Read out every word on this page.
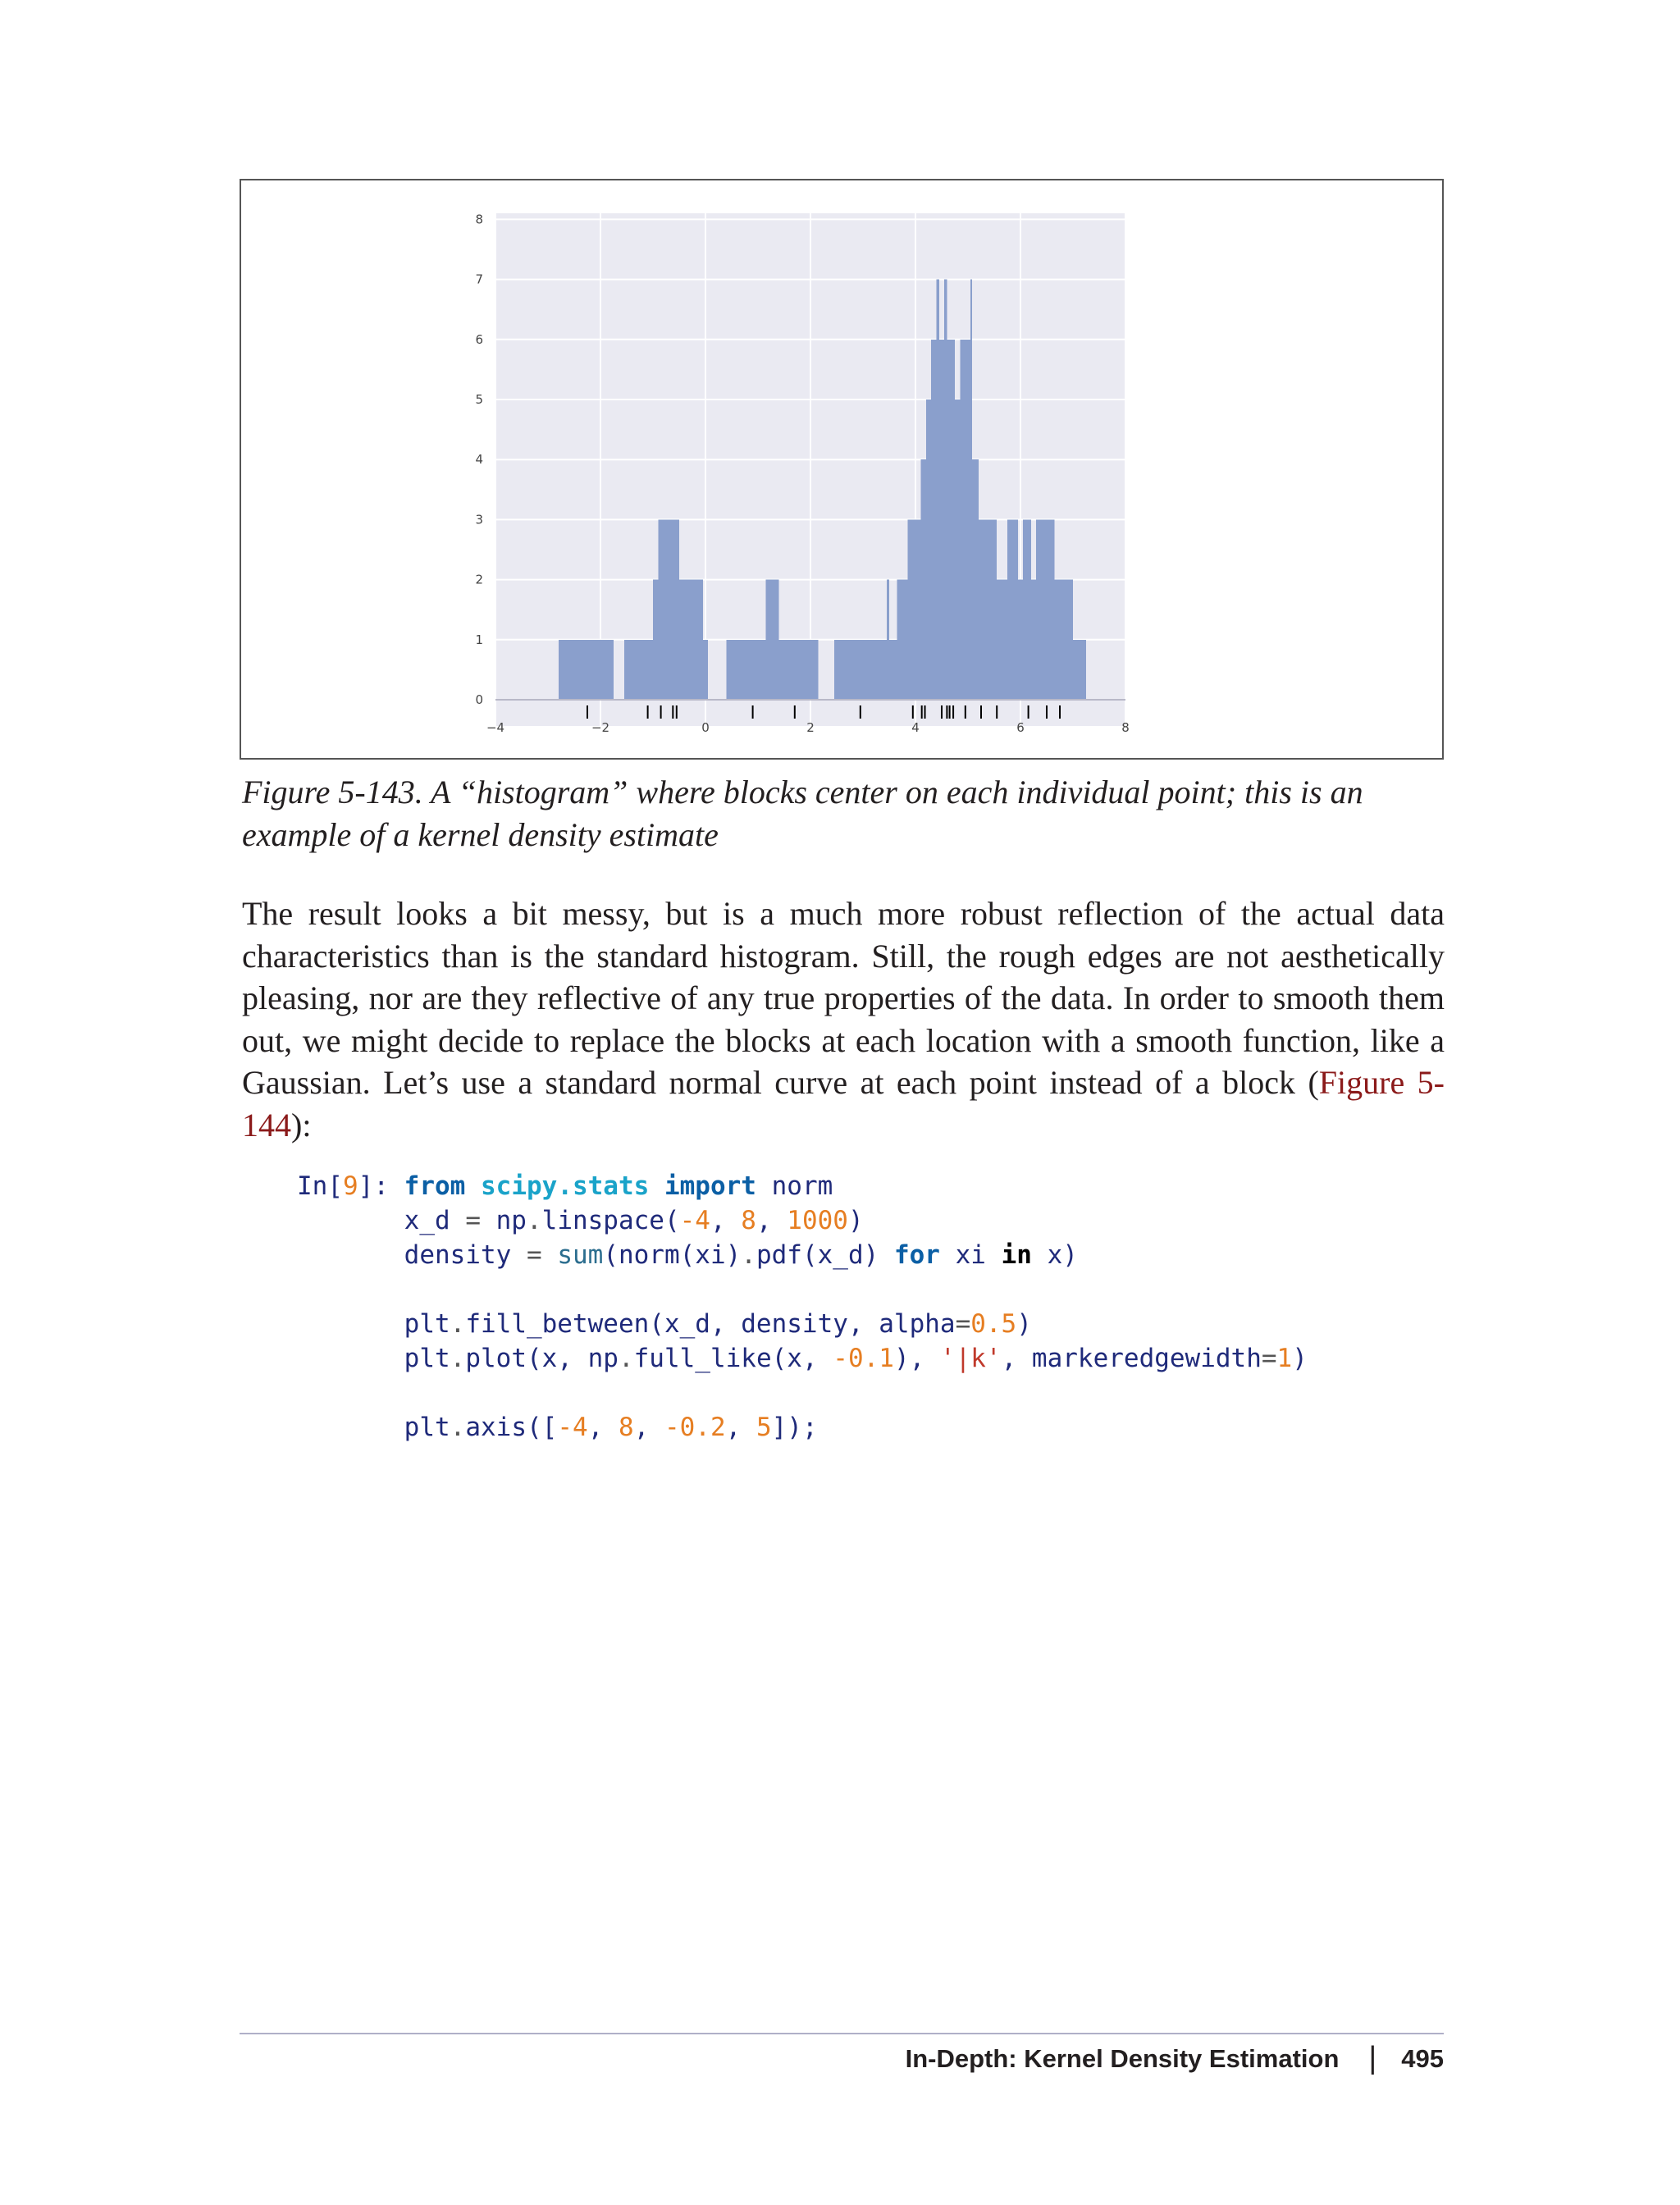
0
1
2
3
4
5
6
7
8
−4	−2	0	2	4	6	8

Figure 5-143. A “histogram” where blocks center on each individual point; this is an example of a kernel density estimate

The result looks a bit messy, but is a much more robust reflection of the actual data characteristics than is the standard histogram. Still, the rough edges are not aesthetically pleasing, nor are they reflective of any true properties of the data. In order to smooth them out, we might decide to replace the blocks at each location with a smooth function, like a Gaussian. Let’s use a standard normal curve at each point instead of a block (Figure 5-144):

In[9]: from scipy.stats import norm
x_d = np.linspace(-4, 8, 1000)
density = sum(norm(xi).pdf(x_d) for xi in x)

plt.fill_between(x_d, density, alpha=0.5)
plt.plot(x, np.full_like(x, -0.1), '|k', markeredgewidth=1)

plt.axis([-4, 8, -0.2, 5]);
In-Depth: Kernel Density Estimation | 495
